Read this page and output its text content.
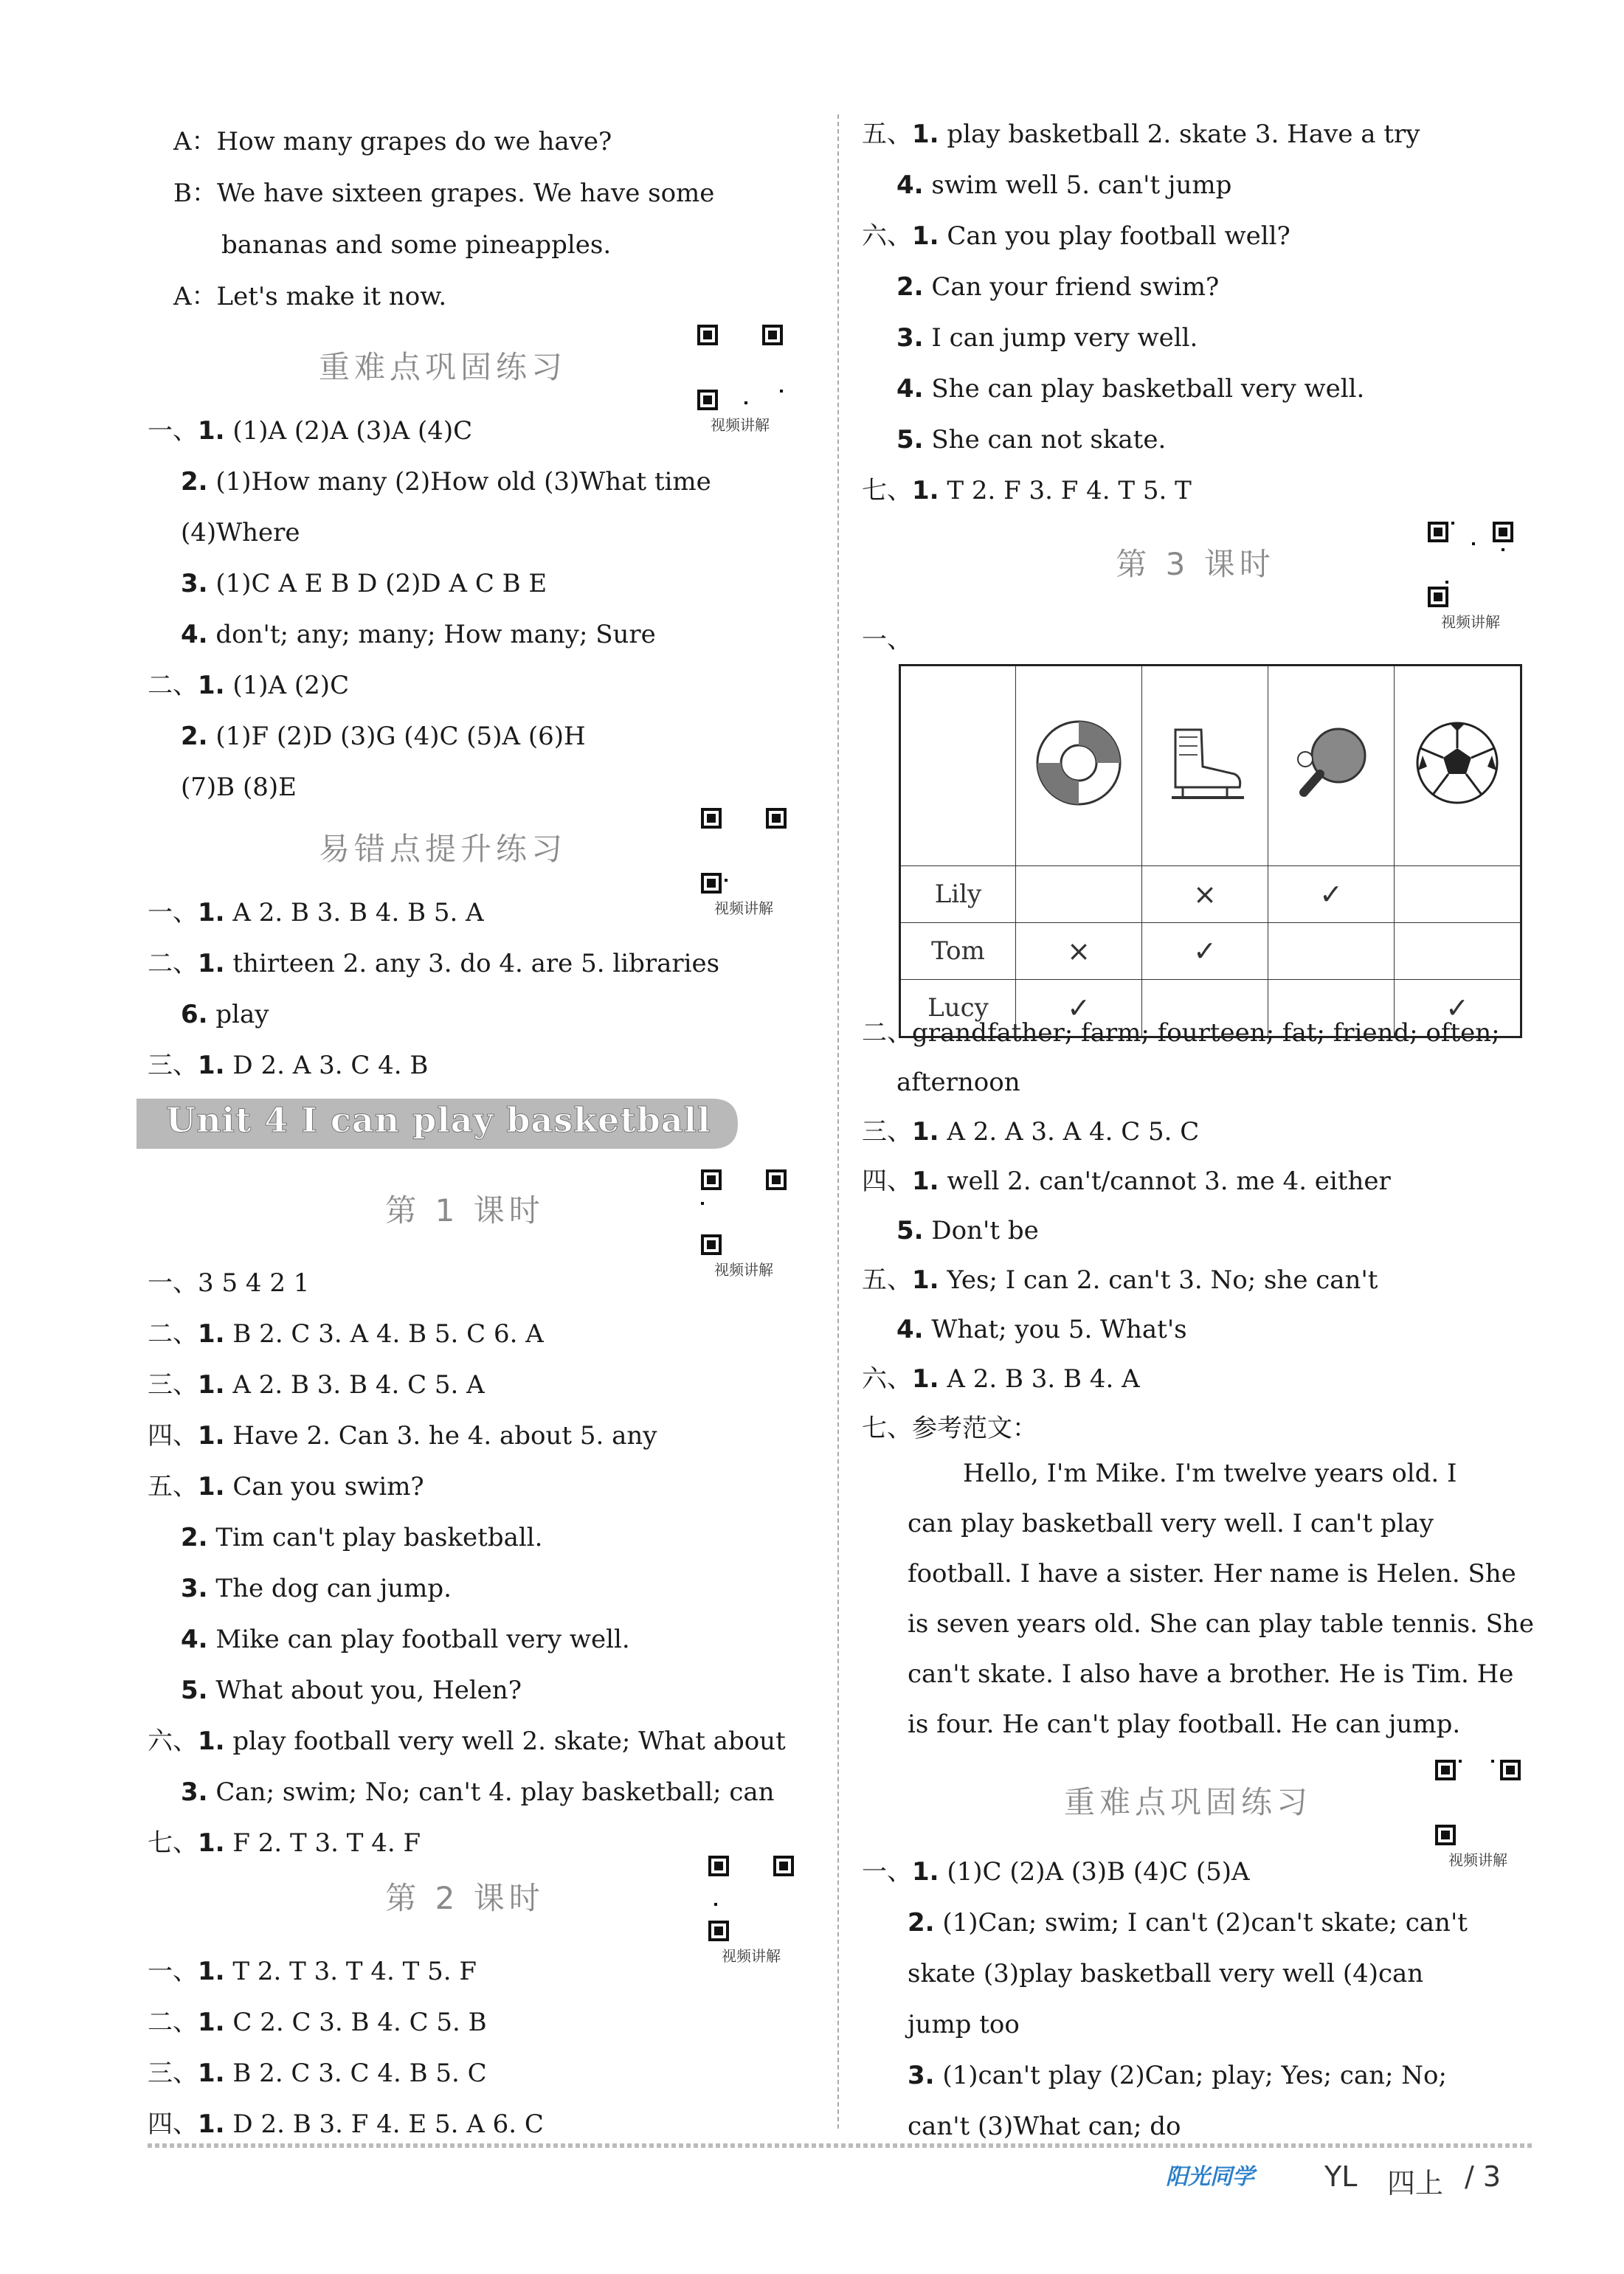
A：How many grapes do we have?
B：We have sixteen grapes. We have some
bananas and some pineapples.
A：Let's make it now.
重难点巩固练习
视频讲解
一、1. (1)A (2)A (3)A (4)C
2. (1)How many (2)How old (3)What time
(4)Where
3. (1)C A E B D (2)D A C B E
4. don't; any; many; How many; Sure
二、1. (1)A (2)C
2. (1)F (2)D (3)G (4)C (5)A (6)H
(7)B (8)E
易错点提升练习
视频讲解
一、1. A 2. B 3. B 4. B 5. A
二、1. thirteen 2. any 3. do 4. are 5. libraries
6. play
三、1. D 2. A 3. C 4. B
第 1 课时
视频讲解
一、3 5 4 2 1
二、1. B 2. C 3. A 4. B 5. C 6. A
三、1. A 2. B 3. B 4. C 5. A
四、1. Have 2. Can 3. he 4. about 5. any
五、1. Can you swim?
2. Tim can't play basketball.
3. The dog can jump.
4. Mike can play football very well.
5. What about you, Helen?
六、1. play football very well 2. skate; What about
3. Can; swim; No; can't 4. play basketball; can
七、1. F 2. T 3. T 4. F
第 2 课时
视频讲解
一、1. T 2. T 3. T 4. T 5. F
二、1. C 2. C 3. B 4. C 5. B
三、1. B 2. C 3. C 4. B 5. C
四、1. D 2. B 3. F 4. E 5. A 6. C
五、1. play basketball 2. skate 3. Have a try
4. swim well 5. can't jump
六、1. Can you play football well?
2. Can your friend swim?
3. I can jump very well.
4. She can play basketball very well.
5. She can not skate.
七、1. T 2. F 3. F 4. T 5. T
第 3 课时
视频讲解
一、
二、grandfather; farm; fourteen; fat; friend; often;
afternoon
三、1. A 2. A 3. A 4. C 5. C
四、1. well 2. can't/cannot 3. me 4. either
5. Don't be
五、1. Yes; I can 2. can't 3. No; she can't
4. What; you 5. What's
六、1. A 2. B 3. B 4. A
七、参考范文：
Hello, I'm Mike. I'm twelve years old. I
can play basketball very well. I can't play
football. I have a sister. Her name is Helen. She
is seven years old. She can play table tennis. She
can't skate. I also have a brother. He is Tim. He
is four. He can't play football. He can jump.
重难点巩固练习
视频讲解
一、1. (1)C (2)A (3)B (4)C (5)A
2. (1)Can; swim; I can't (2)can't skate; can't
skate (3)play basketball very well (4)can
jump too
3. (1)can't play (2)Can; play; Yes; can; No;
can't (3)What can; do
Unit 4 I can play basketball

Lily		×	✓	
Tom	×	✓		
Lucy	✓			✓
阳光同学	YL 四上 / 3
